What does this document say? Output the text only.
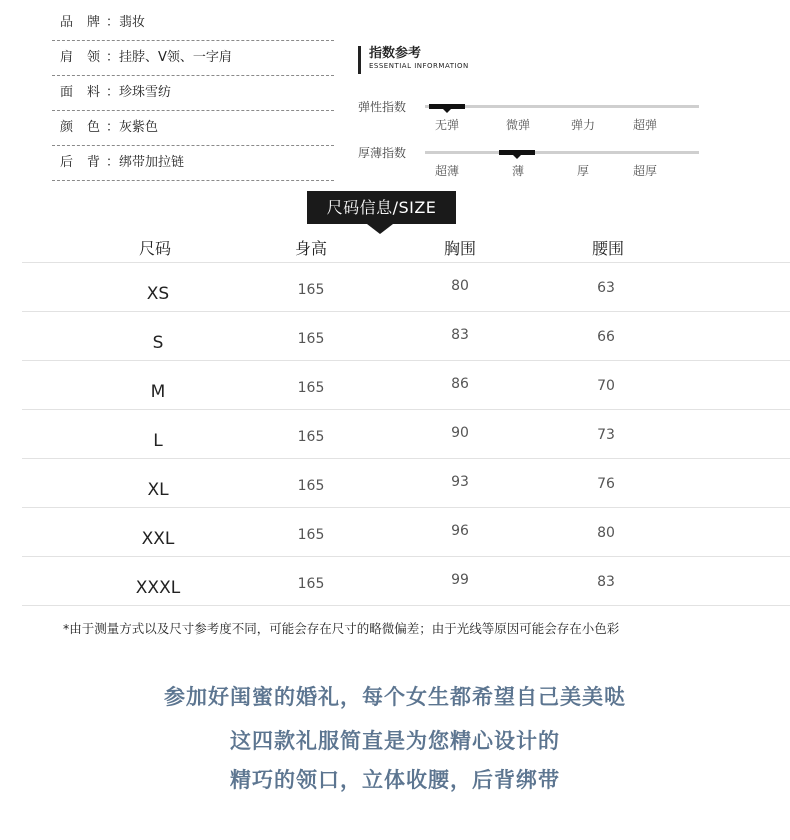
品 牌 ：翡妆
肩 领 ：挂脖、V领、一字肩
面 料 ：珍珠雪纺
颜 色 ：灰紫色
后 背 ：绑带加拉链
指数参考
ESSENTIAL INFORMATION
弹性指数
无弹	微弹	弹力	超弹
厚薄指数
超薄	薄	厚	超厚
尺码信息/SIZE
尺码	身高	胸围	腰围
XS	165	80	63
S	165	83	66
M	165	86	70
L	165	90	73
XL	165	93	76
XXL	165	96	80
XXXL	165	99	83
*由于测量方式以及尺寸参考度不同，可能会存在尺寸的略微偏差；由于光线等原因可能会存在小色彩
参加好闺蜜的婚礼，每个女生都希望自己美美哒
这四款礼服简直是为您精心设计的
精巧的领口，立体收腰，后背绑带
